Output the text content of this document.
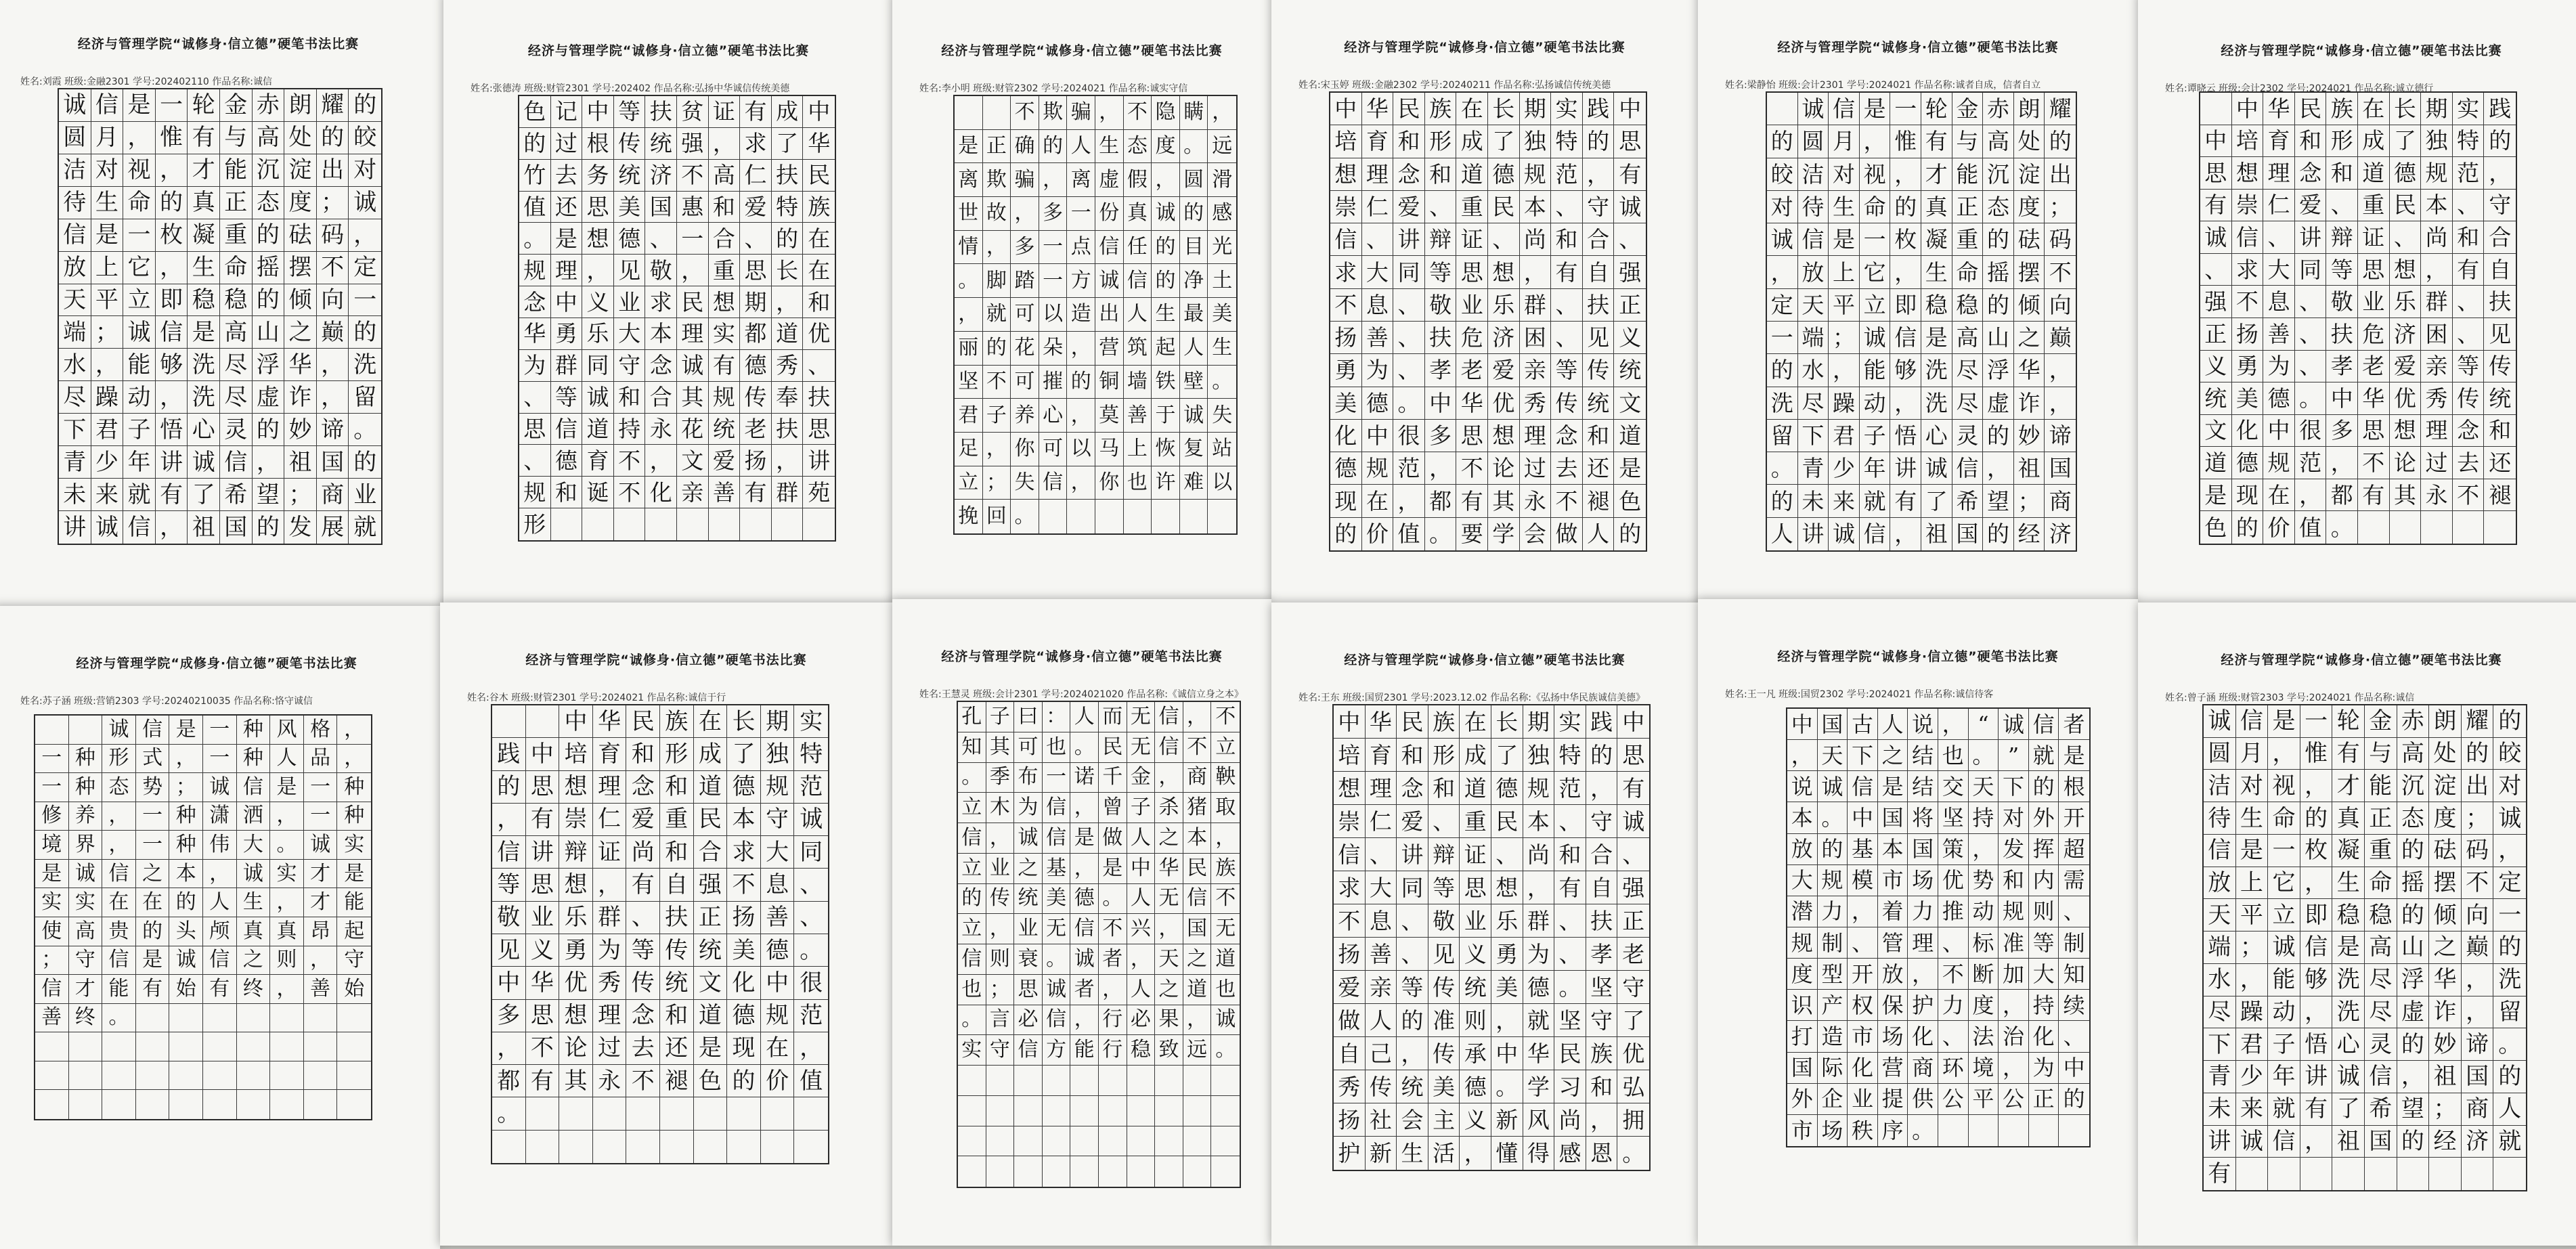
经济与管理学院“诚修身·信立德”硬笔书法比赛
姓名:刘霞 班级:金融2301 学号:202402110 作品名称:诚信
诚 信 是 一 轮 金 赤 朗 耀 的
圆 月 ， 惟 有 与 高 处 的 皎
洁 对 视 ， 才 能 沉 淀 出 对
待 生 命 的 真 正 态 度 ； 诚
信 是 一 枚 凝 重 的 砝 码 ，
放 上 它 ， 生 命 摇 摆 不 定
天 平 立 即 稳 稳 的 倾 向 一
端 ； 诚 信 是 高 山 之 巅 的
水 ， 能 够 洗 尽 浮 华 ， 洗
尽 躁 动 ， 洗 尽 虚 诈 ， 留
下 君 子 悟 心 灵 的 妙 谛 。
青 少 年 讲 诚 信 ， 祖 国 的
未 来 就 有 了 希 望 ； 商 业
讲 诚 信 ， 祖 国 的 发 展 就
经济与管理学院“诚修身·信立德”硬笔书法比赛
姓名:张德涛 班级:财管2301 学号:202402 作品名称:弘扬中华诚信传统美德
色 记 中 等 扶 贫 证 有 成 中
的 过 根 传 统 强 ， 求 了 华
竹 去 务 统 济 不 高 仁 扶 民
值 还 思 美 国 惠 和 爱 特 族
。 是 想 德 、 一 合 、 的 在
规 理 ， 见 敬 ， 重 思 长 在
念 中 义 业 求 民 想 期 ， 和
华 勇 乐 大 本 理 实 都 道 优
为 群 同 守 念 诚 有 德 秀 、
、 等 诚 和 合 其 规 传 奉 扶
思 信 道 持 永 花 统 老 扶 思
、 德 育 不 ， 文 爱 扬 ， 讲
规 和 诞 不 化 亲 善 有 群 苑
形
经济与管理学院“诚修身·信立德”硬笔书法比赛
姓名:李小明 班级:财管2302 学号:2024021 作品名称:诚实守信
不 欺 骗 ， 不 隐 瞒 ，
是 正 确 的 人 生 态 度 。 远
离 欺 骗 ， 离 虚 假 ， 圆 滑
世 故 ， 多 一 份 真 诚 的 感
情 ， 多 一 点 信 任 的 目 光
。 脚 踏 一 方 诚 信 的 净 土
， 就 可 以 造 出 人 生 最 美
丽 的 花 朵 ， 营 筑 起 人 生
坚 不 可 摧 的 铜 墙 铁 壁 。
君 子 养 心 ， 莫 善 于 诚 失
足 ， 你 可 以 马 上 恢 复 站
立 ； 失 信 ， 你 也 许 难 以
挽 回 。
经济与管理学院“诚修身·信立德”硬笔书法比赛
姓名:宋玉婷 班级:金融2302 学号:20240211 作品名称:弘扬诚信传统美德
中 华 民 族 在 长 期 实 践 中
培 育 和 形 成 了 独 特 的 思
想 理 念 和 道 德 规 范 ， 有
崇 仁 爱 、 重 民 本 、 守 诚
信 、 讲 辩 证 、 尚 和 合 、
求 大 同 等 思 想 ， 有 自 强
不 息 、 敬 业 乐 群 、 扶 正
扬 善 、 扶 危 济 困 、 见 义
勇 为 、 孝 老 爱 亲 等 传 统
美 德 。 中 华 优 秀 传 统 文
化 中 很 多 思 想 理 念 和 道
德 规 范 ， 不 论 过 去 还 是
现 在 ， 都 有 其 永 不 褪 色
的 价 值 。 要 学 会 做 人 的
经济与管理学院“诚修身·信立德”硬笔书法比赛
姓名:梁静怡 班级:会计2301 学号:2024021 作品名称:诚者自成，信者自立
诚 信 是 一 轮 金 赤 朗 耀
的 圆 月 ， 惟 有 与 高 处 的
皎 洁 对 视 ， 才 能 沉 淀 出
对 待 生 命 的 真 正 态 度 ；
诚 信 是 一 枚 凝 重 的 砝 码
， 放 上 它 ， 生 命 摇 摆 不
定 天 平 立 即 稳 稳 的 倾 向
一 端 ； 诚 信 是 高 山 之 巅
的 水 ， 能 够 洗 尽 浮 华 ，
洗 尽 躁 动 ， 洗 尽 虚 诈 ，
留 下 君 子 悟 心 灵 的 妙 谛
。 青 少 年 讲 诚 信 ， 祖 国
的 未 来 就 有 了 希 望 ； 商
人 讲 诚 信 ， 祖 国 的 经 济
经济与管理学院“诚修身·信立德”硬笔书法比赛
姓名:谭晓云 班级:会计2302 学号:2024021 作品名称:诚立德行
中 华 民 族 在 长 期 实 践
中 培 育 和 形 成 了 独 特 的
思 想 理 念 和 道 德 规 范 ，
有 崇 仁 爱 、 重 民 本 、 守
诚 信 、 讲 辩 证 、 尚 和 合
、 求 大 同 等 思 想 ， 有 自
强 不 息 、 敬 业 乐 群 、 扶
正 扬 善 、 扶 危 济 困 、 见
义 勇 为 、 孝 老 爱 亲 等 传
统 美 德 。 中 华 优 秀 传 统
文 化 中 很 多 思 想 理 念 和
道 德 规 范 ， 不 论 过 去 还
是 现 在 ， 都 有 其 永 不 褪
色 的 价 值 。
经济与管理学院“成修身·信立德”硬笔书法比赛
姓名:苏子涵 班级:营销2303 学号:20240210035 作品名称:恪守诚信
诚 信 是 一 种 风 格 ，
一 种 形 式 ， 一 种 人 品 ，
一 种 态 势 ； 诚 信 是 一 种
修 养 ， 一 种 潇 洒 ， 一 种
境 界 ， 一 种 伟 大 。 诚 实
是 诚 信 之 本 ， 诚 实 才 是
实 实 在 在 的 人 生 ， 才 能
使 高 贵 的 头 颅 真 真 昂 起
； 守 信 是 诚 信 之 则 ， 守
信 才 能 有 始 有 终 ， 善 始
善 终 。
经济与管理学院“诚修身·信立德”硬笔书法比赛
姓名:谷木 班级:财管2301 学号:2024021 作品名称:诚信于行
中 华 民 族 在 长 期 实
践 中 培 育 和 形 成 了 独 特
的 思 想 理 念 和 道 德 规 范
， 有 崇 仁 爱 重 民 本 守 诚
信 讲 辩 证 尚 和 合 求 大 同
等 思 想 ， 有 自 强 不 息 、
敬 业 乐 群 、 扶 正 扬 善 、
见 义 勇 为 等 传 统 美 德 。
中 华 优 秀 传 统 文 化 中 很
多 思 想 理 念 和 道 德 规 范
， 不 论 过 去 还 是 现 在 ，
都 有 其 永 不 褪 色 的 价 值
。
经济与管理学院“诚修身·信立德”硬笔书法比赛
姓名:王慧灵 班级:会计2301 学号:2024021020 作品名称:《诚信立身之本》
孔 子 曰 ： 人 而 无 信 ， 不
知 其 可 也 。 民 无 信 不 立
。 季 布 一 诺 千 金 ， 商 鞅
立 木 为 信 ， 曾 子 杀 猪 取
信 ， 诚 信 是 做 人 之 本 ，
立 业 之 基 ， 是 中 华 民 族
的 传 统 美 德 。 人 无 信 不
立 ， 业 无 信 不 兴 ， 国 无
信 则 衰 。 诚 者 ， 天 之 道
也 ； 思 诚 者 ， 人 之 道 也
。 言 必 信 ， 行 必 果 ， 诚
实 守 信 方 能 行 稳 致 远 。
经济与管理学院“诚修身·信立德”硬笔书法比赛
姓名:王东 班级:国贸2301 学号:2023.12.02 作品名称:《弘扬中华民族诚信美德》
中 华 民 族 在 长 期 实 践 中
培 育 和 形 成 了 独 特 的 思
想 理 念 和 道 德 规 范 ， 有
崇 仁 爱 、 重 民 本 、 守 诚
信 、 讲 辩 证 、 尚 和 合 、
求 大 同 等 思 想 ， 有 自 强
不 息 、 敬 业 乐 群 、 扶 正
扬 善 、 见 义 勇 为 、 孝 老
爱 亲 等 传 统 美 德 。 坚 守
做 人 的 准 则 ， 就 坚 守 了
自 己 ， 传 承 中 华 民 族 优
秀 传 统 美 德 。 学 习 和 弘
扬 社 会 主 义 新 风 尚 ， 拥
护 新 生 活 ， 懂 得 感 恩 。
经济与管理学院“诚修身·信立德”硬笔书法比赛
姓名:王一凡 班级:国贸2302 学号:2024021 作品名称:诚信待客
中 国 古 人 说 ， “ 诚 信 者
， 天 下 之 结 也 。 ” 就 是
说 诚 信 是 结 交 天 下 的 根
本 。 中 国 将 坚 持 对 外 开
放 的 基 本 国 策 ， 发 挥 超
大 规 模 市 场 优 势 和 内 需
潜 力 ， 着 力 推 动 规 则 、
规 制 、 管 理 、 标 准 等 制
度 型 开 放 ， 不 断 加 大 知
识 产 权 保 护 力 度 ， 持 续
打 造 市 场 化 、 法 治 化 、
国 际 化 营 商 环 境 ， 为 中
外 企 业 提 供 公 平 公 正 的
市 场 秩 序 。
经济与管理学院“诚修身·信立德”硬笔书法比赛
姓名:曾子涵 班级:财管2303 学号:2024021 作品名称:诚信
诚 信 是 一 轮 金 赤 朗 耀 的
圆 月 ， 惟 有 与 高 处 的 皎
洁 对 视 ， 才 能 沉 淀 出 对
待 生 命 的 真 正 态 度 ； 诚
信 是 一 枚 凝 重 的 砝 码 ，
放 上 它 ， 生 命 摇 摆 不 定
天 平 立 即 稳 稳 的 倾 向 一
端 ； 诚 信 是 高 山 之 巅 的
水 ， 能 够 洗 尽 浮 华 ， 洗
尽 躁 动 ， 洗 尽 虚 诈 ， 留
下 君 子 悟 心 灵 的 妙 谛 。
青 少 年 讲 诚 信 ， 祖 国 的
未 来 就 有 了 希 望 ； 商 人
讲 诚 信 ， 祖 国 的 经 济 就
有
